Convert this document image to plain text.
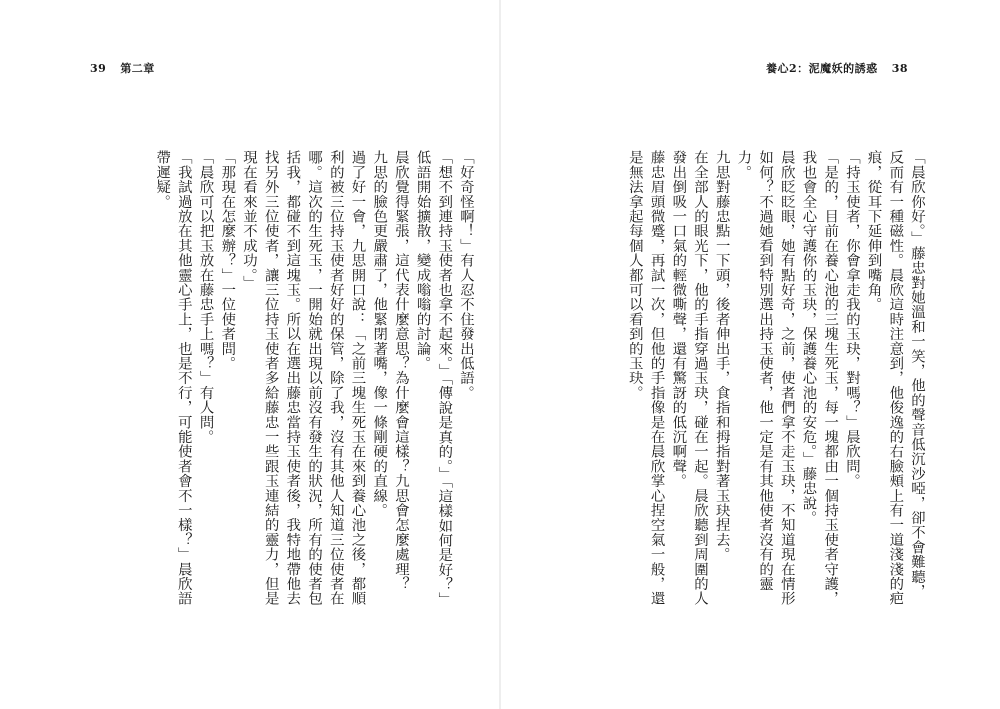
39 第二章	養心2：泥魔妖的誘惑 38

「晨欣你好。」藤忠對她溫和一笑，他的聲音低沉沙啞，卻不會難聽，反而有一種磁性。晨欣這時注意到，他俊逸的右臉頰上有一道淺淺的疤痕，從耳下延伸到嘴角。

「持玉使者，你會拿走我的玉玦，對嗎？」晨欣問。

「是的，目前在養心池的三塊生死玉，每一塊都由一個持玉使者守護，我也會全心守護你的玉玦，保護養心池的安危。」藤忠說。

晨欣眨眨眼，她有點好奇，之前，使者們拿不走玉玦，不知道現在情形如何？不過她看到特別選出持玉使者，他一定是有其他使者沒有的靈力。

九思對藤忠點一下頭，後者伸出手，食指和拇指對著玉玦捏去。

在全部人的眼光下，他的手指穿過玉玦，碰在一起。晨欣聽到周圍的人發出倒吸一口氣的輕微嘶聲，還有驚訝的低沉啊聲。

藤忠眉頭微蹙，再試一次，但他的手指像是在晨欣掌心捏空氣一般，還是無法拿起每個人都可以看到的玉玦。

「好奇怪啊！」有人忍不住發出低語。

「想不到連持玉使者也拿不起來。」「傳說是真的。」「這樣如何是好？」低語開始擴散，變成嗡嗡的討論。

晨欣覺得緊張，這代表什麼意思？為什麼會這樣？九思會怎麼處理？

九思的臉色更嚴肅了，他緊閉著嘴，像一條剛硬的直線。

過了好一會，九思開口說：「之前三塊生死玉在來到養心池之後，都順利的被三位持玉使者好好的保管，除了我，沒有其他人知道三位使者在哪。這次的生死玉，一開始就出現以前沒有發生的狀況，所有的使者包括我，都碰不到這塊玉。所以在選出藤忠當持玉使者後，我特地帶他去找另外三位使者，讓三位持玉使者多給藤忠一些跟玉連結的靈力，但是現在看來並不成功。」

「那現在怎麼辦？」一位使者問。

「晨欣可以把玉放在藤忠手上嗎？」有人問。

「我試過放在其他靈心手上，也是不行，可能使者會不一樣？」晨欣語帶遲疑。
